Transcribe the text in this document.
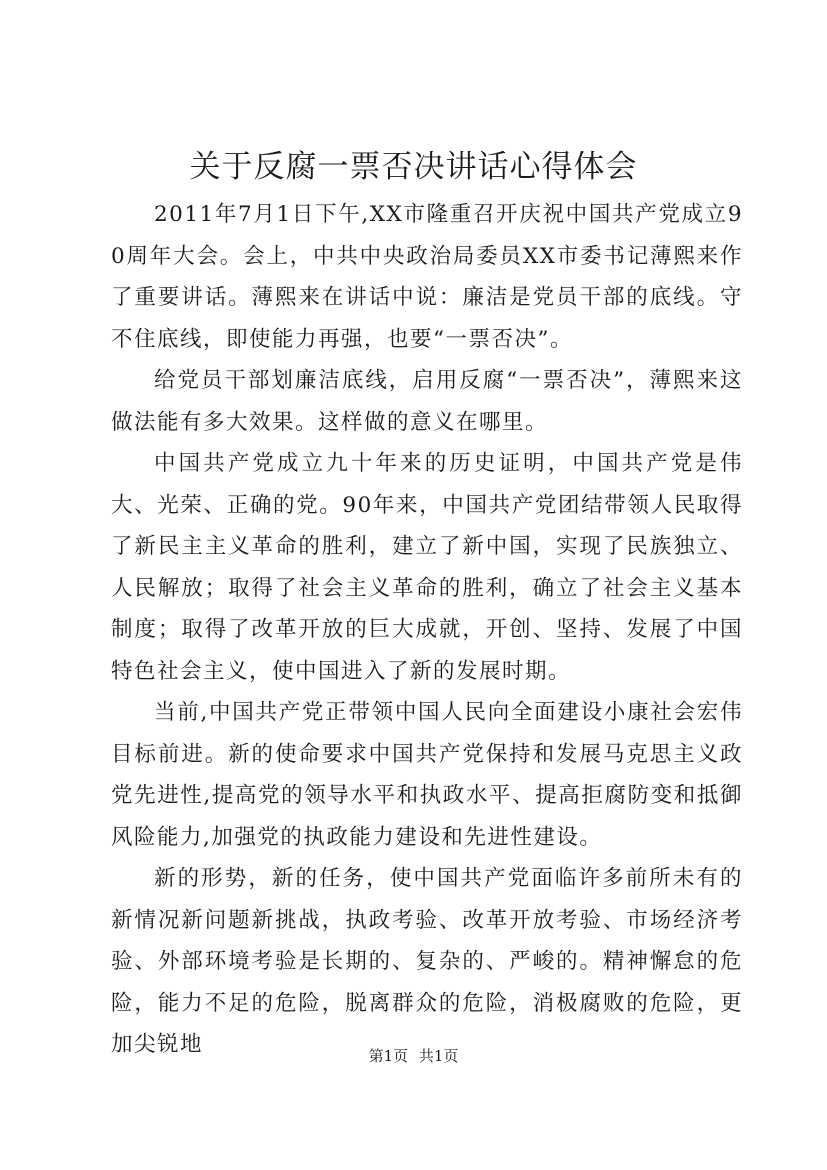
关于反腐一票否决讲话心得体会

2011年7月1日下午,XX市隆重召开庆祝中国共产党成立90周年大会。会上，中共中央政治局委员XX市委书记薄熙来作了重要讲话。薄熙来在讲话中说：廉洁是党员干部的底线。守不住底线，即使能力再强，也要“一票否决”。

给党员干部划廉洁底线，启用反腐“一票否决”，薄熙来这做法能有多大效果。这样做的意义在哪里。

中国共产党成立九十年来的历史证明，中国共产党是伟大、光荣、正确的党。90年来，中国共产党团结带领人民取得了新民主主义革命的胜利，建立了新中国，实现了民族独立、人民解放；取得了社会主义革命的胜利，确立了社会主义基本制度；取得了改革开放的巨大成就，开创、坚持、发展了中国特色社会主义，使中国进入了新的发展时期。

当前,中国共产党正带领中国人民向全面建设小康社会宏伟目标前进。新的使命要求中国共产党保持和发展马克思主义政党先进性,提高党的领导水平和执政水平、提高拒腐防变和抵御风险能力,加强党的执政能力建设和先进性建设。

新的形势，新的任务，使中国共产党面临许多前所未有的新情况新问题新挑战，执政考验、改革开放考验、市场经济考验、外部环境考验是长期的、复杂的、严峻的。精神懈怠的危险，能力不足的危险，脱离群众的危险，消极腐败的危险，更加尖锐地	第1页 共1页
